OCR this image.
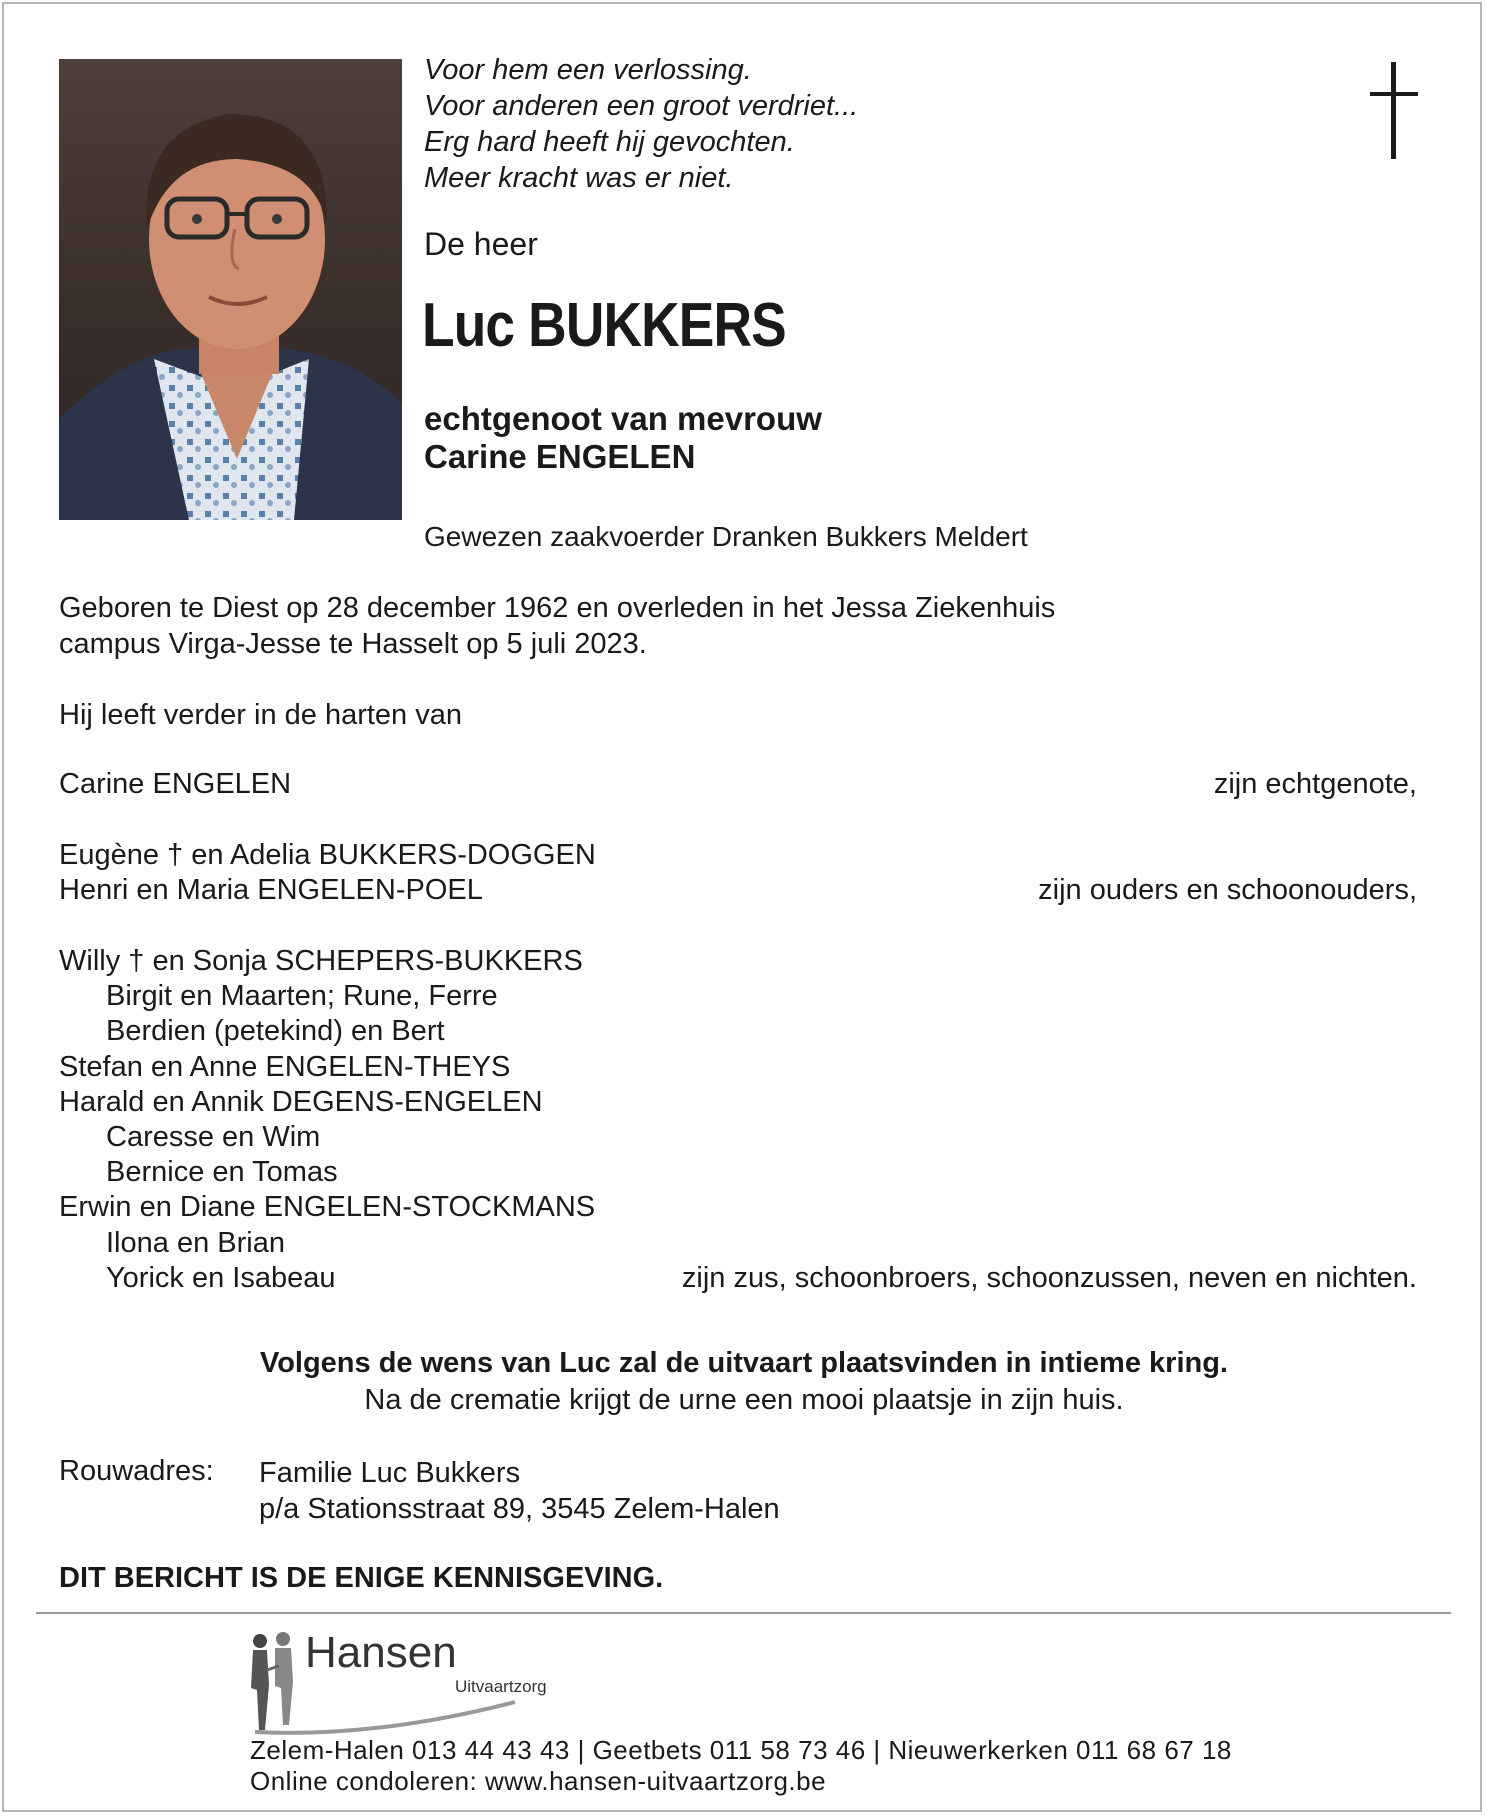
Voor hem een verlossing.
Voor anderen een groot verdriet...
Erg hard heeft hij gevochten.
Meer kracht was er niet.
De heer
Luc BUKKERS
echtgenoot van mevrouw
Carine ENGELEN
Gewezen zaakvoerder Dranken Bukkers Meldert
Geboren te Diest op 28 december 1962 en overleden in het Jessa Ziekenhuis
campus Virga-Jesse te Hasselt op 5 juli 2023.
Hij leeft verder in de harten van
Carine ENGELEN	zijn echtgenote,
Eugène † en Adelia BUKKERS-DOGGEN
Henri en Maria ENGELEN-POEL	zijn ouders en schoonouders,
Willy † en Sonja SCHEPERS-BUKKERS
Birgit en Maarten; Rune, Ferre
Berdien (petekind) en Bert
Stefan en Anne ENGELEN-THEYS
Harald en Annik DEGENS-ENGELEN
Caresse en Wim
Bernice en Tomas
Erwin en Diane ENGELEN-STOCKMANS
Ilona en Brian
Yorick en Isabeau	zijn zus, schoonbroers, schoonzussen, neven en nichten.
Volgens de wens van Luc zal de uitvaart plaatsvinden in intieme kring.
Na de crematie krijgt de urne een mooi plaatsje in zijn huis.
Rouwadres: Familie Luc Bukkers
p/a Stationsstraat 89, 3545 Zelem-Halen
DIT BERICHT IS DE ENIGE KENNISGEVING.
Hansen
Uitvaartzorg
Zelem-Halen 013 44 43 43 | Geetbets 011 58 73 46 | Nieuwerkerken 011 68 67 18
Online condoleren: www.hansen-uitvaartzorg.be
